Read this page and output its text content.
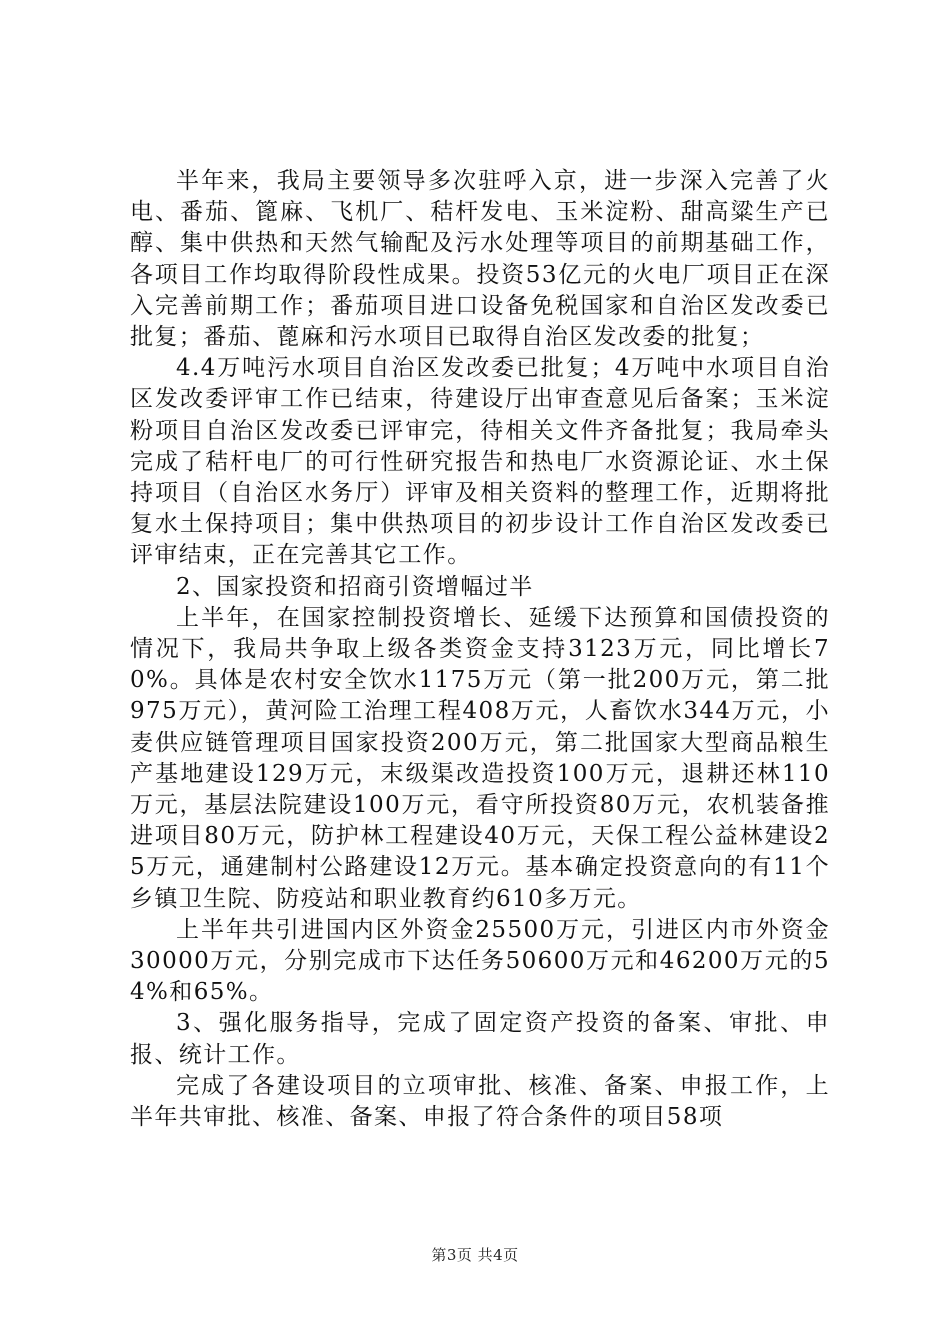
半年来，我局主要领导多次驻呼入京，进一步深入完善了火电、番茄、篦麻、飞机厂、秸杆发电、玉米淀粉、甜高粱生产已醇、集中供热和天然气输配及污水处理等项目的前期基础工作，各项目工作均取得阶段性成果。投资53亿元的火电厂项目正在深入完善前期工作；番茄项目进口设备免税国家和自治区发改委已批复；番茄、蓖麻和污水项目已取得自治区发改委的批复；

4.4万吨污水项目自治区发改委已批复；4万吨中水项目自治区发改委评审工作已结束，待建设厅出审查意见后备案；玉米淀粉项目自治区发改委已评审完，待相关文件齐备批复；我局牵头完成了秸杆电厂的可行性研究报告和热电厂水资源论证、水土保持项目（自治区水务厅）评审及相关资料的整理工作，近期将批复水土保持项目；集中供热项目的初步设计工作自治区发改委已评审结束，正在完善其它工作。

2、国家投资和招商引资增幅过半

上半年，在国家控制投资增长、延缓下达预算和国债投资的情况下，我局共争取上级各类资金支持3123万元，同比增长70%。具体是农村安全饮水1175万元（第一批200万元，第二批975万元），黄河险工治理工程408万元，人畜饮水344万元，小麦供应链管理项目国家投资200万元，第二批国家大型商品粮生产基地建设129万元，末级渠改造投资100万元，退耕还林110万元，基层法院建设100万元，看守所投资80万元，农机装备推进项目80万元，防护林工程建设40万元，天保工程公益林建设25万元，通建制村公路建设12万元。基本确定投资意向的有11个乡镇卫生院、防疫站和职业教育约610多万元。

上半年共引进国内区外资金25500万元，引进区内市外资金30000万元，分别完成市下达任务50600万元和46200万元的54%和65%。

3、强化服务指导，完成了固定资产投资的备案、审批、申报、统计工作。

完成了各建设项目的立项审批、核准、备案、申报工作，上半年共审批、核准、备案、申报了符合条件的项目58项

第3页 共4页
